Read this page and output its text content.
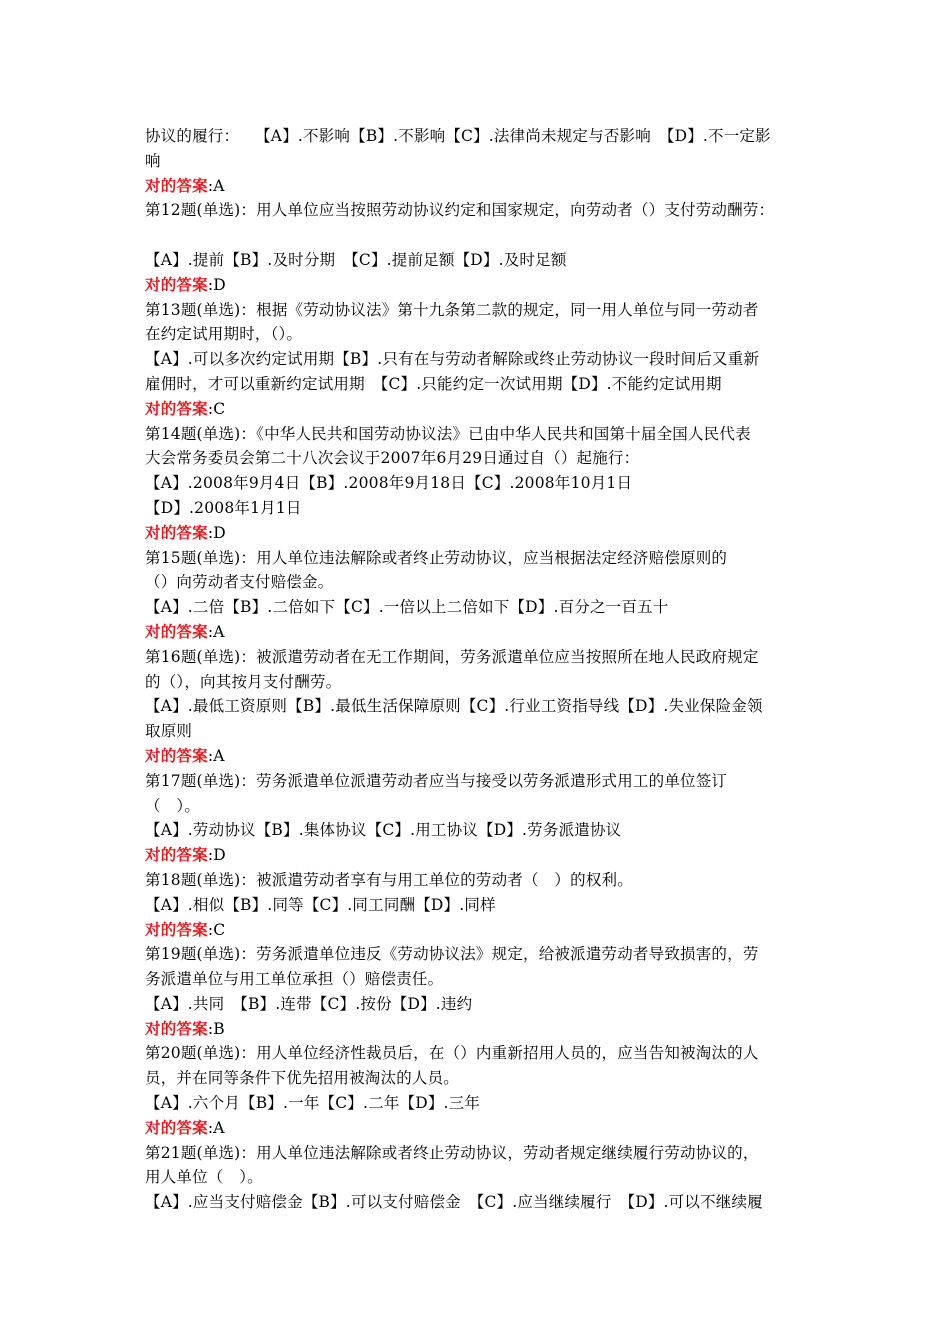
协议的履行：　　【A】.不影响【B】.不影响【C】.法律尚未规定与否影响　【D】.不一定影
响
对的答案:A
第12题(单选)：用人单位应当按照劳动协议约定和国家规定，向劳动者（）支付劳动酬劳：
【A】.提前【B】.及时分期　【C】.提前足额【D】.及时足额
对的答案:D
第13题(单选)：根据《劳动协议法》第十九条第二款的规定，同一用人单位与同一劳动者
在约定试用期时，（）。
【A】.可以多次约定试用期【B】.只有在与劳动者解除或终止劳动协议一段时间后又重新
雇佣时，才可以重新约定试用期　【C】.只能约定一次试用期【D】.不能约定试用期
对的答案:C
第14题(单选)：《中华人民共和国劳动协议法》已由中华人民共和国第十届全国人民代表
大会常务委员会第二十八次会议于2007年6月29日通过自（）起施行：
【A】.2008年9月4日【B】.2008年9月18日【C】.2008年10月1日
【D】.2008年1月1日
对的答案:D
第15题(单选)：用人单位违法解除或者终止劳动协议，应当根据法定经济赔偿原则的
（）向劳动者支付赔偿金。
【A】.二倍【B】.二倍如下【C】.一倍以上二倍如下【D】.百分之一百五十
对的答案:A
第16题(单选)：被派遣劳动者在无工作期间，劳务派遣单位应当按照所在地人民政府规定
的（），向其按月支付酬劳。
【A】.最低工资原则【B】.最低生活保障原则【C】.行业工资指导线【D】.失业保险金领
取原则
对的答案:A
第17题(单选)：劳务派遣单位派遣劳动者应当与接受以劳务派遣形式用工的单位签订
（　）。
【A】.劳动协议【B】.集体协议【C】.用工协议【D】.劳务派遣协议
对的答案:D
第18题(单选)：被派遣劳动者享有与用工单位的劳动者（　）的权利。
【A】.相似【B】.同等【C】.同工同酬【D】.同样
对的答案:C
第19题(单选)：劳务派遣单位违反《劳动协议法》规定，给被派遣劳动者导致损害的，劳
务派遣单位与用工单位承担（）赔偿责任。
【A】.共同　【B】.连带【C】.按份【D】.违约
对的答案:B
第20题(单选)：用人单位经济性裁员后，在（）内重新招用人员的，应当告知被淘汰的人
员，并在同等条件下优先招用被淘汰的人员。
【A】.六个月【B】.一年【C】.二年【D】.三年
对的答案:A
第21题(单选)：用人单位违法解除或者终止劳动协议，劳动者规定继续履行劳动协议的，
用人单位（　）。
【A】.应当支付赔偿金【B】.可以支付赔偿金　【C】.应当继续履行　【D】.可以不继续履
